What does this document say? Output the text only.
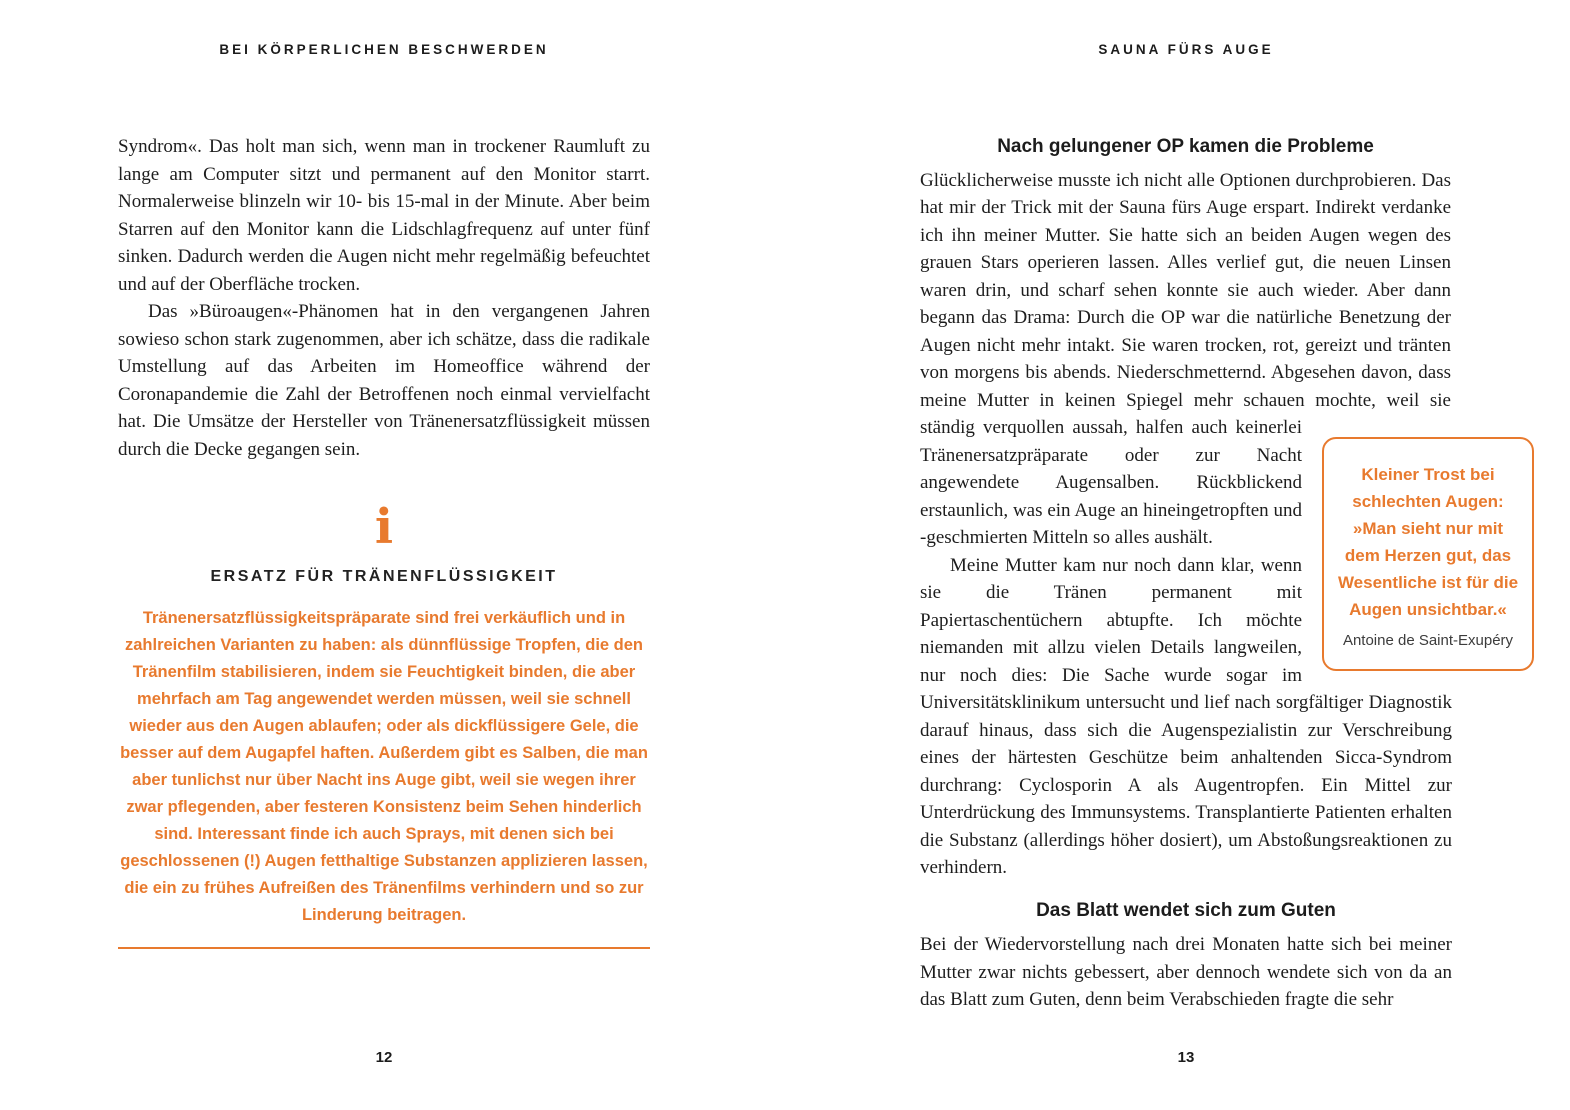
BEI KÖRPERLICHEN BESCHWERDEN

Syndrom«. Das holt man sich, wenn man in trockener Raumluft zu lange am Computer sitzt und permanent auf den Monitor starrt. Normalerweise blinzeln wir 10- bis 15-mal in der Minute. Aber beim Starren auf den Monitor kann die Lidschlagfrequenz auf unter fünf sinken. Dadurch werden die Augen nicht mehr regelmäßig befeuchtet und auf der Oberfläche trocken.

Das »Büroaugen«-Phänomen hat in den vergangenen Jahren sowieso schon stark zugenommen, aber ich schätze, dass die radikale Umstellung auf das Arbeiten im Homeoffice während der Coronapandemie die Zahl der Betroffenen noch einmal vervielfacht hat. Die Umsätze der Hersteller von Tränenersatzflüssigkeit müssen durch die Decke gegangen sein.

i
ERSATZ FÜR TRÄNENFLÜSSIGKEIT
Tränenersatzflüssigkeitspräparate sind frei verkäuflich und in zahlreichen Varianten zu haben: als dünnflüssige Tropfen, die den Tränenfilm stabilisieren, indem sie Feuchtigkeit binden, die aber mehrfach am Tag angewendet werden müssen, weil sie schnell wieder aus den Augen ablaufen; oder als dickflüssigere Gele, die besser auf dem Augapfel haften. Außerdem gibt es Salben, die man aber tunlichst nur über Nacht ins Auge gibt, weil sie wegen ihrer zwar pflegenden, aber festeren Konsistenz beim Sehen hinderlich sind. Interessant finde ich auch Sprays, mit denen sich bei geschlossenen (!) Augen fetthaltige Substanzen applizieren lassen, die ein zu frühes Aufreißen des Tränenfilms verhindern und so zur Linderung beitragen.
12
SAUNA FÜRS AUGE
Kleiner Trost bei schlechten Augen: »Man sieht nur mit dem Herzen gut, das Wesentliche ist für die Augen unsichtbar.«
Antoine de Saint-Exupéry
Nach gelungener OP kamen die Probleme

Glücklicherweise musste ich nicht alle Optionen durchprobieren. Das hat mir der Trick mit der Sauna fürs Auge erspart. Indirekt verdanke ich ihn meiner Mutter. Sie hatte sich an beiden Augen wegen des grauen Stars operieren lassen. Alles verlief gut, die neuen Linsen waren drin, und scharf sehen konnte sie auch wieder. Aber dann begann das Drama: Durch die OP war die natürliche Benetzung der Augen nicht mehr intakt. Sie waren trocken, rot, gereizt und tränten von morgens bis abends. Niederschmetternd. Abgesehen davon, dass meine Mutter in keinen Spiegel mehr schauen mochte, weil sie ständig verquollen aussah, halfen auch keinerlei Tränenersatzpräparate oder zur Nacht angewendete Augensalben. Rückblickend erstaunlich, was ein Auge an hineingetropften und -geschmierten Mitteln so alles aushält.

Meine Mutter kam nur noch dann klar, wenn sie die Tränen permanent mit Papiertaschentüchern abtupfte. Ich möchte niemanden mit allzu vielen Details langweilen, nur noch dies: Die Sache wurde sogar im Universitätsklinikum untersucht und lief nach sorgfältiger Diagnostik darauf hinaus, dass sich die Augenspezialistin zur Verschreibung eines der härtesten Geschütze beim anhaltenden Sicca-Syndrom durchrang: Cyclosporin A als Augentropfen. Ein Mittel zur Unterdrückung des Immunsystems. Transplantierte Patienten erhalten die Substanz (allerdings höher dosiert), um Abstoßungsreaktionen zu verhindern.

Das Blatt wendet sich zum Guten

Bei der Wiedervorstellung nach drei Monaten hatte sich bei meiner Mutter zwar nichts gebessert, aber dennoch wendete sich von da an das Blatt zum Guten, denn beim Verabschieden fragte die sehr

13
